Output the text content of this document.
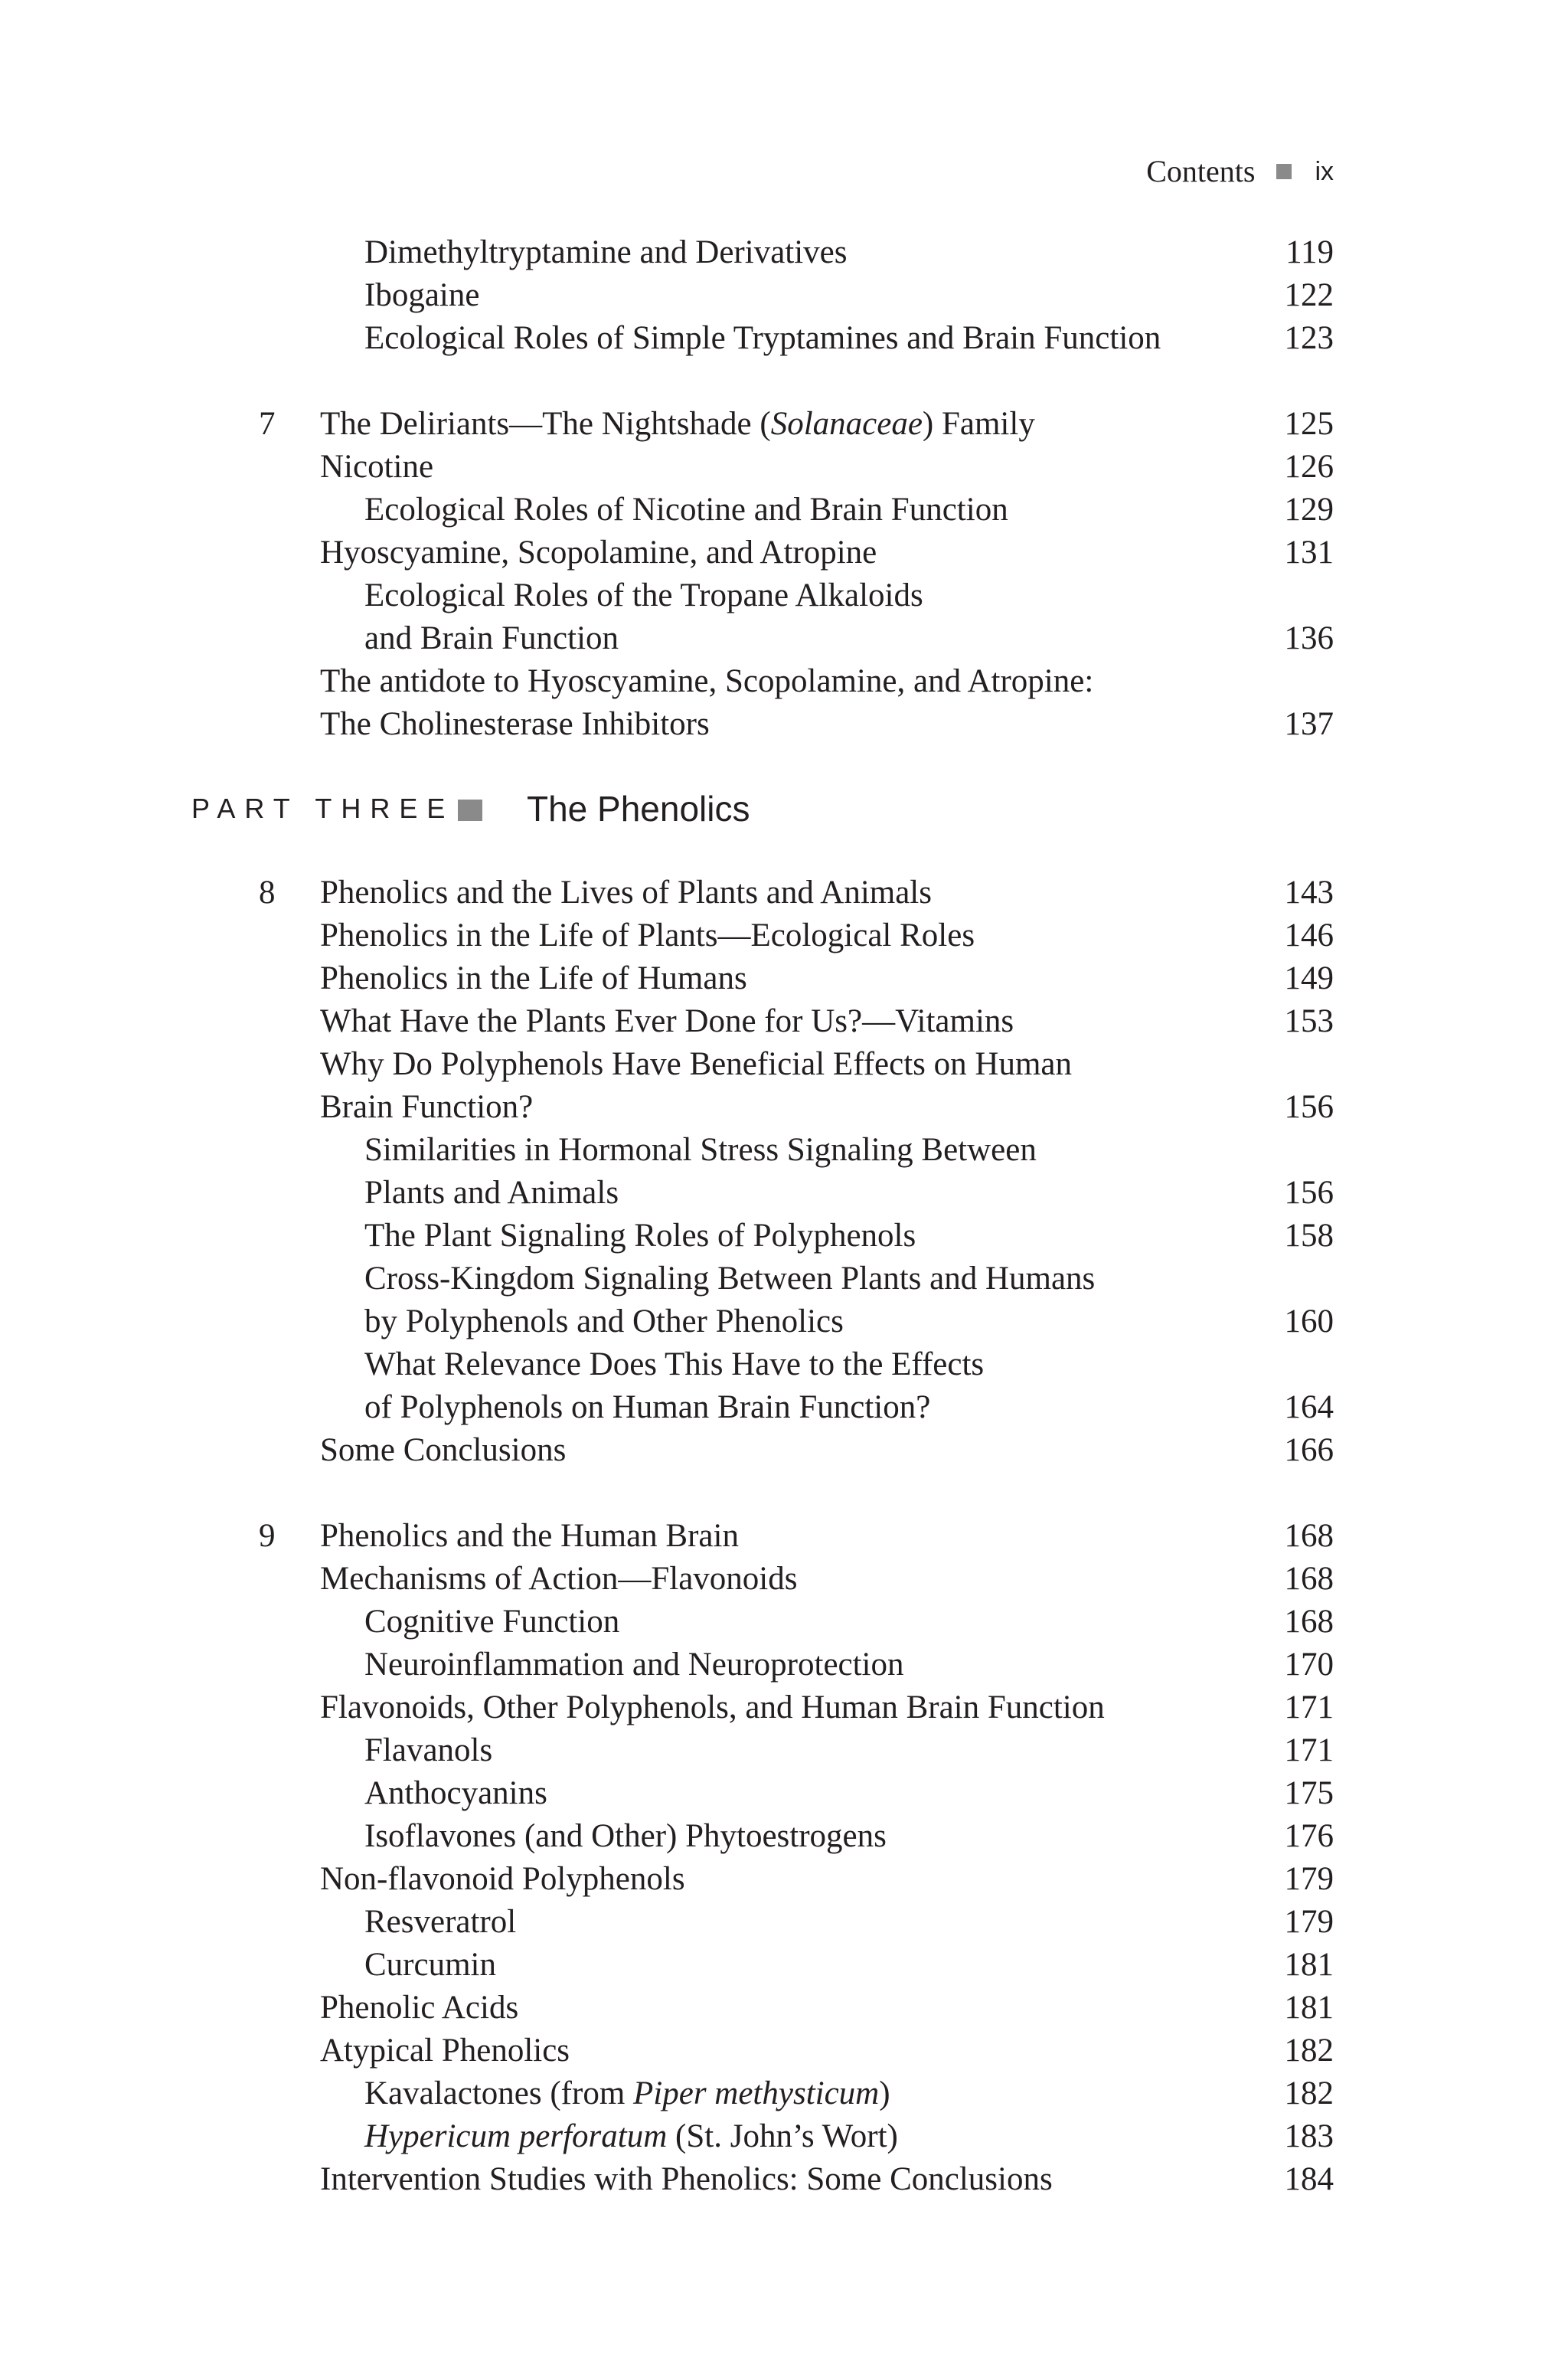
Contents ix
Dimethyltryptamine and Derivatives	119
Ibogaine	122
Ecological Roles of Simple Tryptamines and Brain Function	123
7 The Deliriants—The Nightshade (Solanaceae) Family	125
Nicotine	126
Ecological Roles of Nicotine and Brain Function	129
Hyoscyamine, Scopolamine, and Atropine	131
Ecological Roles of the Tropane Alkaloids
and Brain Function	136
The antidote to Hyoscyamine, Scopolamine, and Atropine:
The Cholinesterase Inhibitors	137
PART THREE The Phenolics
8 Phenolics and the Lives of Plants and Animals	143
Phenolics in the Life of Plants—Ecological Roles	146
Phenolics in the Life of Humans	149
What Have the Plants Ever Done for Us?—Vitamins	153
Why Do Polyphenols Have Beneficial Effects on Human
Brain Function?	156
Similarities in Hormonal Stress Signaling Between
Plants and Animals	156
The Plant Signaling Roles of Polyphenols	158
Cross-Kingdom Signaling Between Plants and Humans
by Polyphenols and Other Phenolics	160
What Relevance Does This Have to the Effects
of Polyphenols on Human Brain Function?	164
Some Conclusions	166
9 Phenolics and the Human Brain	168
Mechanisms of Action—Flavonoids	168
Cognitive Function	168
Neuroinflammation and Neuroprotection	170
Flavonoids, Other Polyphenols, and Human Brain Function	171
Flavanols	171
Anthocyanins	175
Isoflavones (and Other) Phytoestrogens	176
Non-flavonoid Polyphenols	179
Resveratrol	179
Curcumin	181
Phenolic Acids	181
Atypical Phenolics	182
Kavalactones (from Piper methysticum)	182
Hypericum perforatum (St. John’s Wort)	183
Intervention Studies with Phenolics: Some Conclusions	184
